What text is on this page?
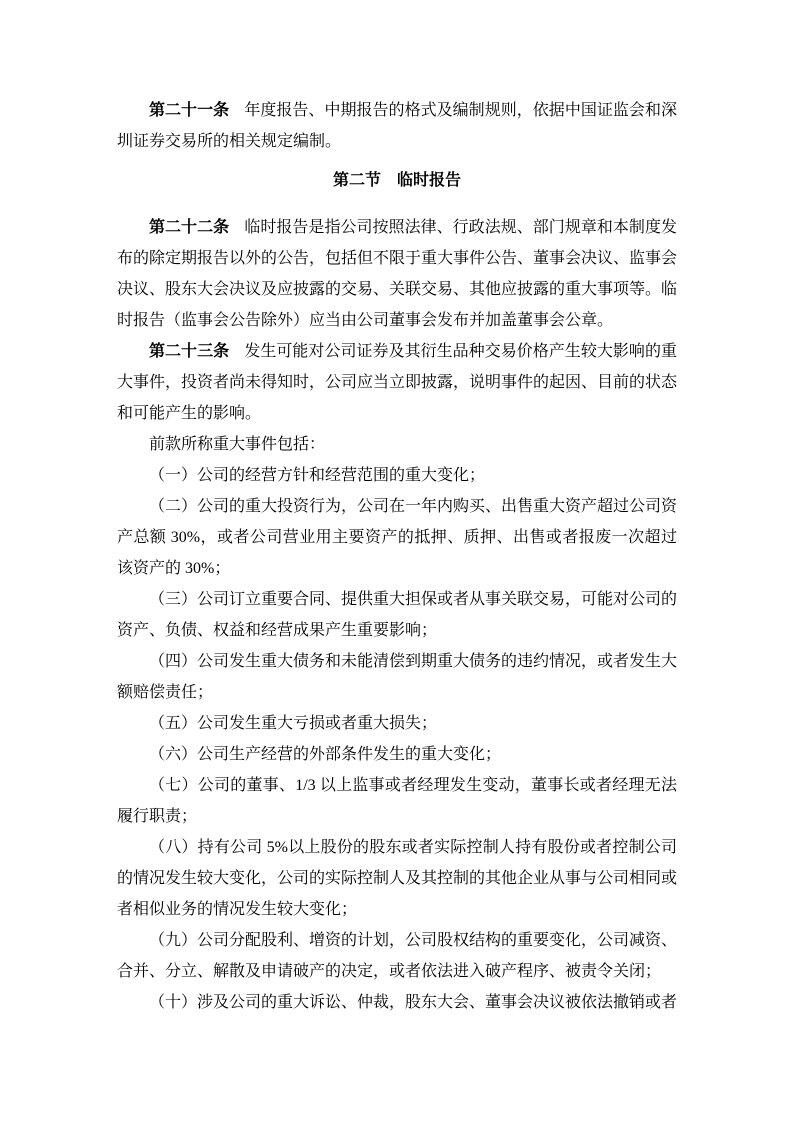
第二十一条 年度报告、中期报告的格式及编制规则，依据中国证监会和深圳证券交易所的相关规定编制。

第二节　临时报告

第二十二条 临时报告是指公司按照法律、行政法规、部门规章和本制度发布的除定期报告以外的公告，包括但不限于重大事件公告、董事会决议、监事会决议、股东大会决议及应披露的交易、关联交易、其他应披露的重大事项等。临时报告（监事会公告除外）应当由公司董事会发布并加盖董事会公章。

第二十三条 发生可能对公司证券及其衍生品种交易价格产生较大影响的重大事件，投资者尚未得知时，公司应当立即披露，说明事件的起因、目前的状态和可能产生的影响。

前款所称重大事件包括：

（一）公司的经营方针和经营范围的重大变化；

（二）公司的重大投资行为，公司在一年内购买、出售重大资产超过公司资产总额 30%，或者公司营业用主要资产的抵押、质押、出售或者报废一次超过该资产的 30%；

（三）公司订立重要合同、提供重大担保或者从事关联交易，可能对公司的资产、负债、权益和经营成果产生重要影响；

（四）公司发生重大债务和未能清偿到期重大债务的违约情况，或者发生大额赔偿责任；

（五）公司发生重大亏损或者重大损失；

（六）公司生产经营的外部条件发生的重大变化；

（七）公司的董事、1/3 以上监事或者经理发生变动，董事长或者经理无法履行职责；

（八）持有公司 5%以上股份的股东或者实际控制人持有股份或者控制公司的情况发生较大变化，公司的实际控制人及其控制的其他企业从事与公司相同或者相似业务的情况发生较大变化；

（九）公司分配股利、增资的计划，公司股权结构的重要变化，公司减资、合并、分立、解散及申请破产的决定，或者依法进入破产程序、被责令关闭；

（十）涉及公司的重大诉讼、仲裁，股东大会、董事会决议被依法撤销或者
